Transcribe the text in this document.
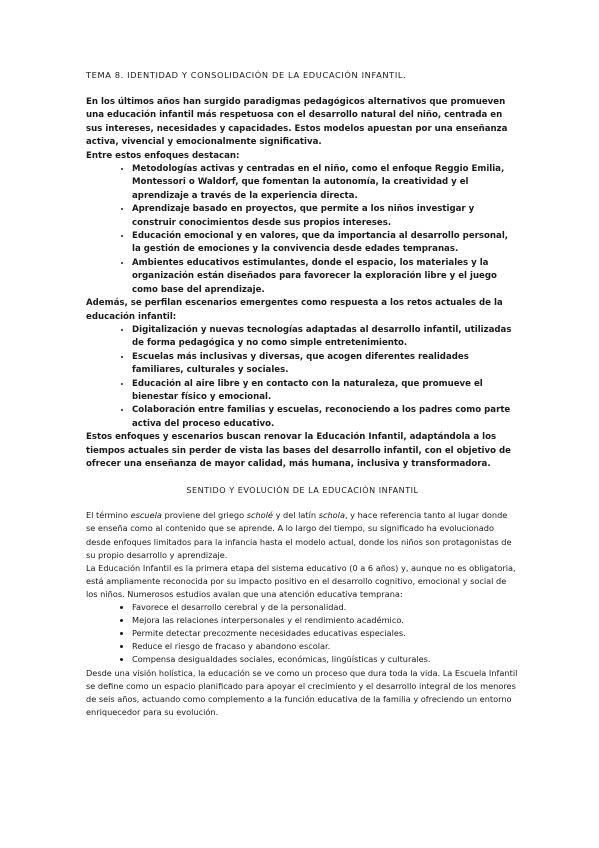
TEMA 8. IDENTIDAD Y CONSOLIDACIÓN DE LA EDUCACIÓN INFANTIL.

En los últimos años han surgido paradigmas pedagógicos alternativos que promueven una educación infantil más respetuosa con el desarrollo natural del niño, centrada en sus intereses, necesidades y capacidades. Estos modelos apuestan por una enseñanza activa, vivencial y emocionalmente significativa.

Entre estos enfoques destacan:

• Metodologías activas y centradas en el niño, como el enfoque Reggio Emilia, Montessori o Waldorf, que fomentan la autonomía, la creatividad y el aprendizaje a través de la experiencia directa.
• Aprendizaje basado en proyectos, que permite a los niños investigar y construir conocimientos desde sus propios intereses.
• Educación emocional y en valores, que da importancia al desarrollo personal, la gestión de emociones y la convivencia desde edades tempranas.
• Ambientes educativos estimulantes, donde el espacio, los materiales y la organización están diseñados para favorecer la exploración libre y el juego como base del aprendizaje.

Además, se perfilan escenarios emergentes como respuesta a los retos actuales de la educación infantil:

• Digitalización y nuevas tecnologías adaptadas al desarrollo infantil, utilizadas de forma pedagógica y no como simple entretenimiento.
• Escuelas más inclusivas y diversas, que acogen diferentes realidades familiares, culturales y sociales.
• Educación al aire libre y en contacto con la naturaleza, que promueve el bienestar físico y emocional.
• Colaboración entre familias y escuelas, reconociendo a los padres como parte activa del proceso educativo.

Estos enfoques y escenarios buscan renovar la Educación Infantil, adaptándola a los tiempos actuales sin perder de vista las bases del desarrollo infantil, con el objetivo de ofrecer una enseñanza de mayor calidad, más humana, inclusiva y transformadora.

SENTIDO Y EVOLUCIÓN DE LA EDUCACIÓN INFANTIL

El término escuela proviene del griego scholé y del latín schola, y hace referencia tanto al lugar donde se enseña como al contenido que se aprende. A lo largo del tiempo, su significado ha evolucionado desde enfoques limitados para la infancia hasta el modelo actual, donde los niños son protagonistas de su propio desarrollo y aprendizaje.

La Educación Infantil es la primera etapa del sistema educativo (0 a 6 años) y, aunque no es obligatoria, está ampliamente reconocida por su impacto positivo en el desarrollo cognitivo, emocional y social de los niños. Numerosos estudios avalan que una atención educativa temprana:

• Favorece el desarrollo cerebral y de la personalidad.
• Mejora las relaciones interpersonales y el rendimiento académico.
• Permite detectar precozmente necesidades educativas especiales.
• Reduce el riesgo de fracaso y abandono escolar.
• Compensa desigualdades sociales, económicas, lingüísticas y culturales.

Desde una visión holística, la educación se ve como un proceso que dura toda la vida. La Escuela Infantil se define como un espacio planificado para apoyar el crecimiento y el desarrollo integral de los menores de seis años, actuando como complemento a la función educativa de la familia y ofreciendo un entorno enriquecedor para su evolución.
